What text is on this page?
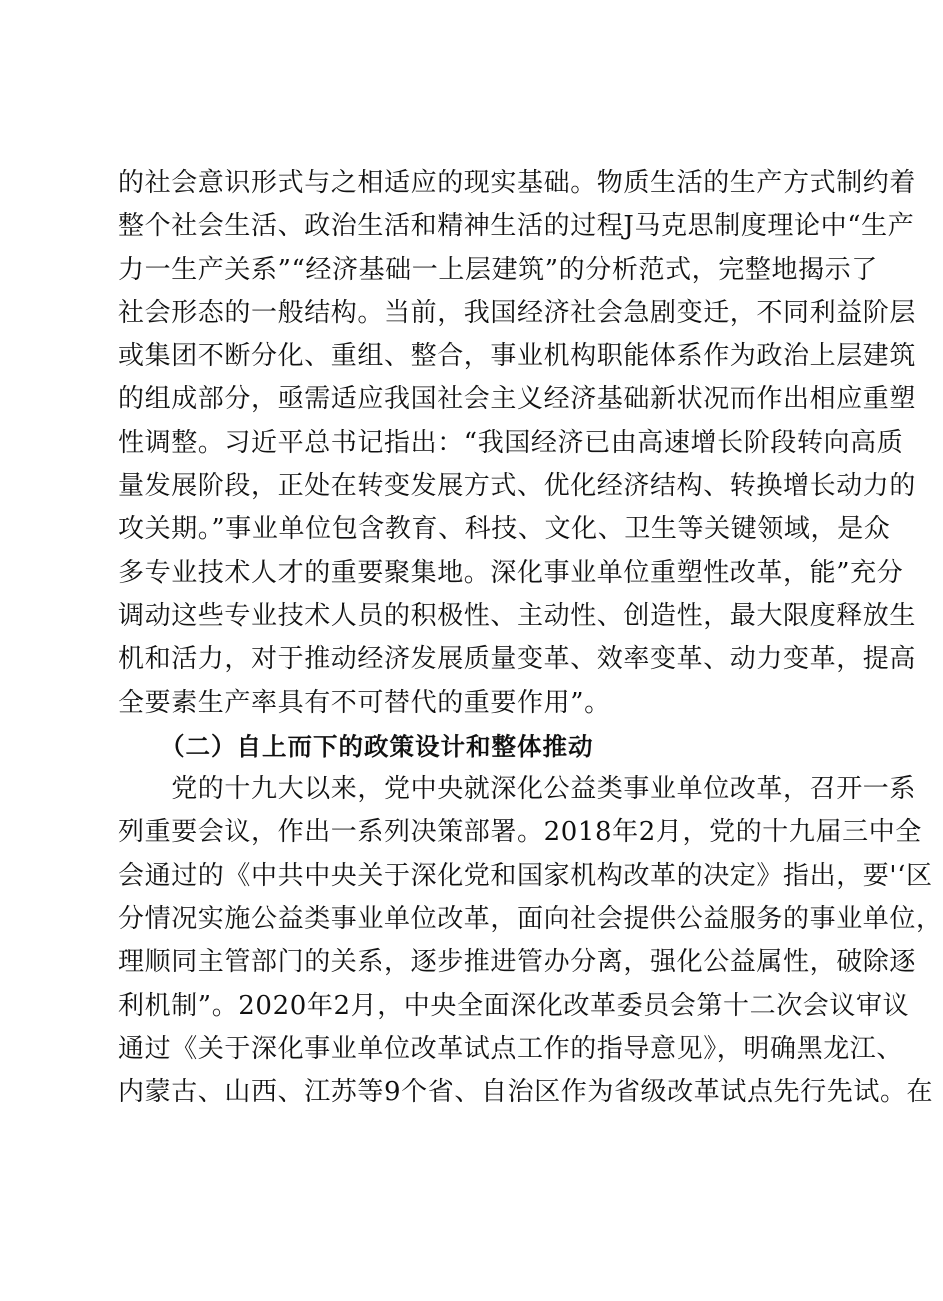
的社会意识形式与之相适应的现实基础。物质生活的生产方式制约着
整个社会生活、政治生活和精神生活的过程J马克思制度理论中“生产
力一生产关系”“经济基础一上层建筑”的分析范式，完整地揭示了
社会形态的一般结构。当前，我国经济社会急剧变迁，不同利益阶层
或集团不断分化、重组、整合，事业机构职能体系作为政治上层建筑
的组成部分，亟需适应我国社会主义经济基础新状况而作出相应重塑
性调整。习近平总书记指出：“我国经济已由高速增长阶段转向高质
量发展阶段，正处在转变发展方式、优化经济结构、转换增长动力的
攻关期。”事业单位包含教育、科技、文化、卫生等关键领域，是众
多专业技术人才的重要聚集地。深化事业单位重塑性改革，能”充分
调动这些专业技术人员的积极性、主动性、创造性，最大限度释放生
机和活力，对于推动经济发展质量变革、效率变革、动力变革，提高
全要素生产率具有不可替代的重要作用”。
（二）自上而下的政策设计和整体推动
　　党的十九大以来，党中央就深化公益类事业单位改革，召开一系
列重要会议，作出一系列决策部署。2018年2月，党的十九届三中全
会通过的《中共中央关于深化党和国家机构改革的决定》指出，要'‘区
分情况实施公益类事业单位改革，面向社会提供公益服务的事业单位，
理顺同主管部门的关系，逐步推进管办分离，强化公益属性，破除逐
利机制”。2020年2月，中央全面深化改革委员会第十二次会议审议
通过《关于深化事业单位改革试点工作的指导意见》，明确黑龙江、
内蒙古、山西、江苏等9个省、自治区作为省级改革试点先行先试。在
